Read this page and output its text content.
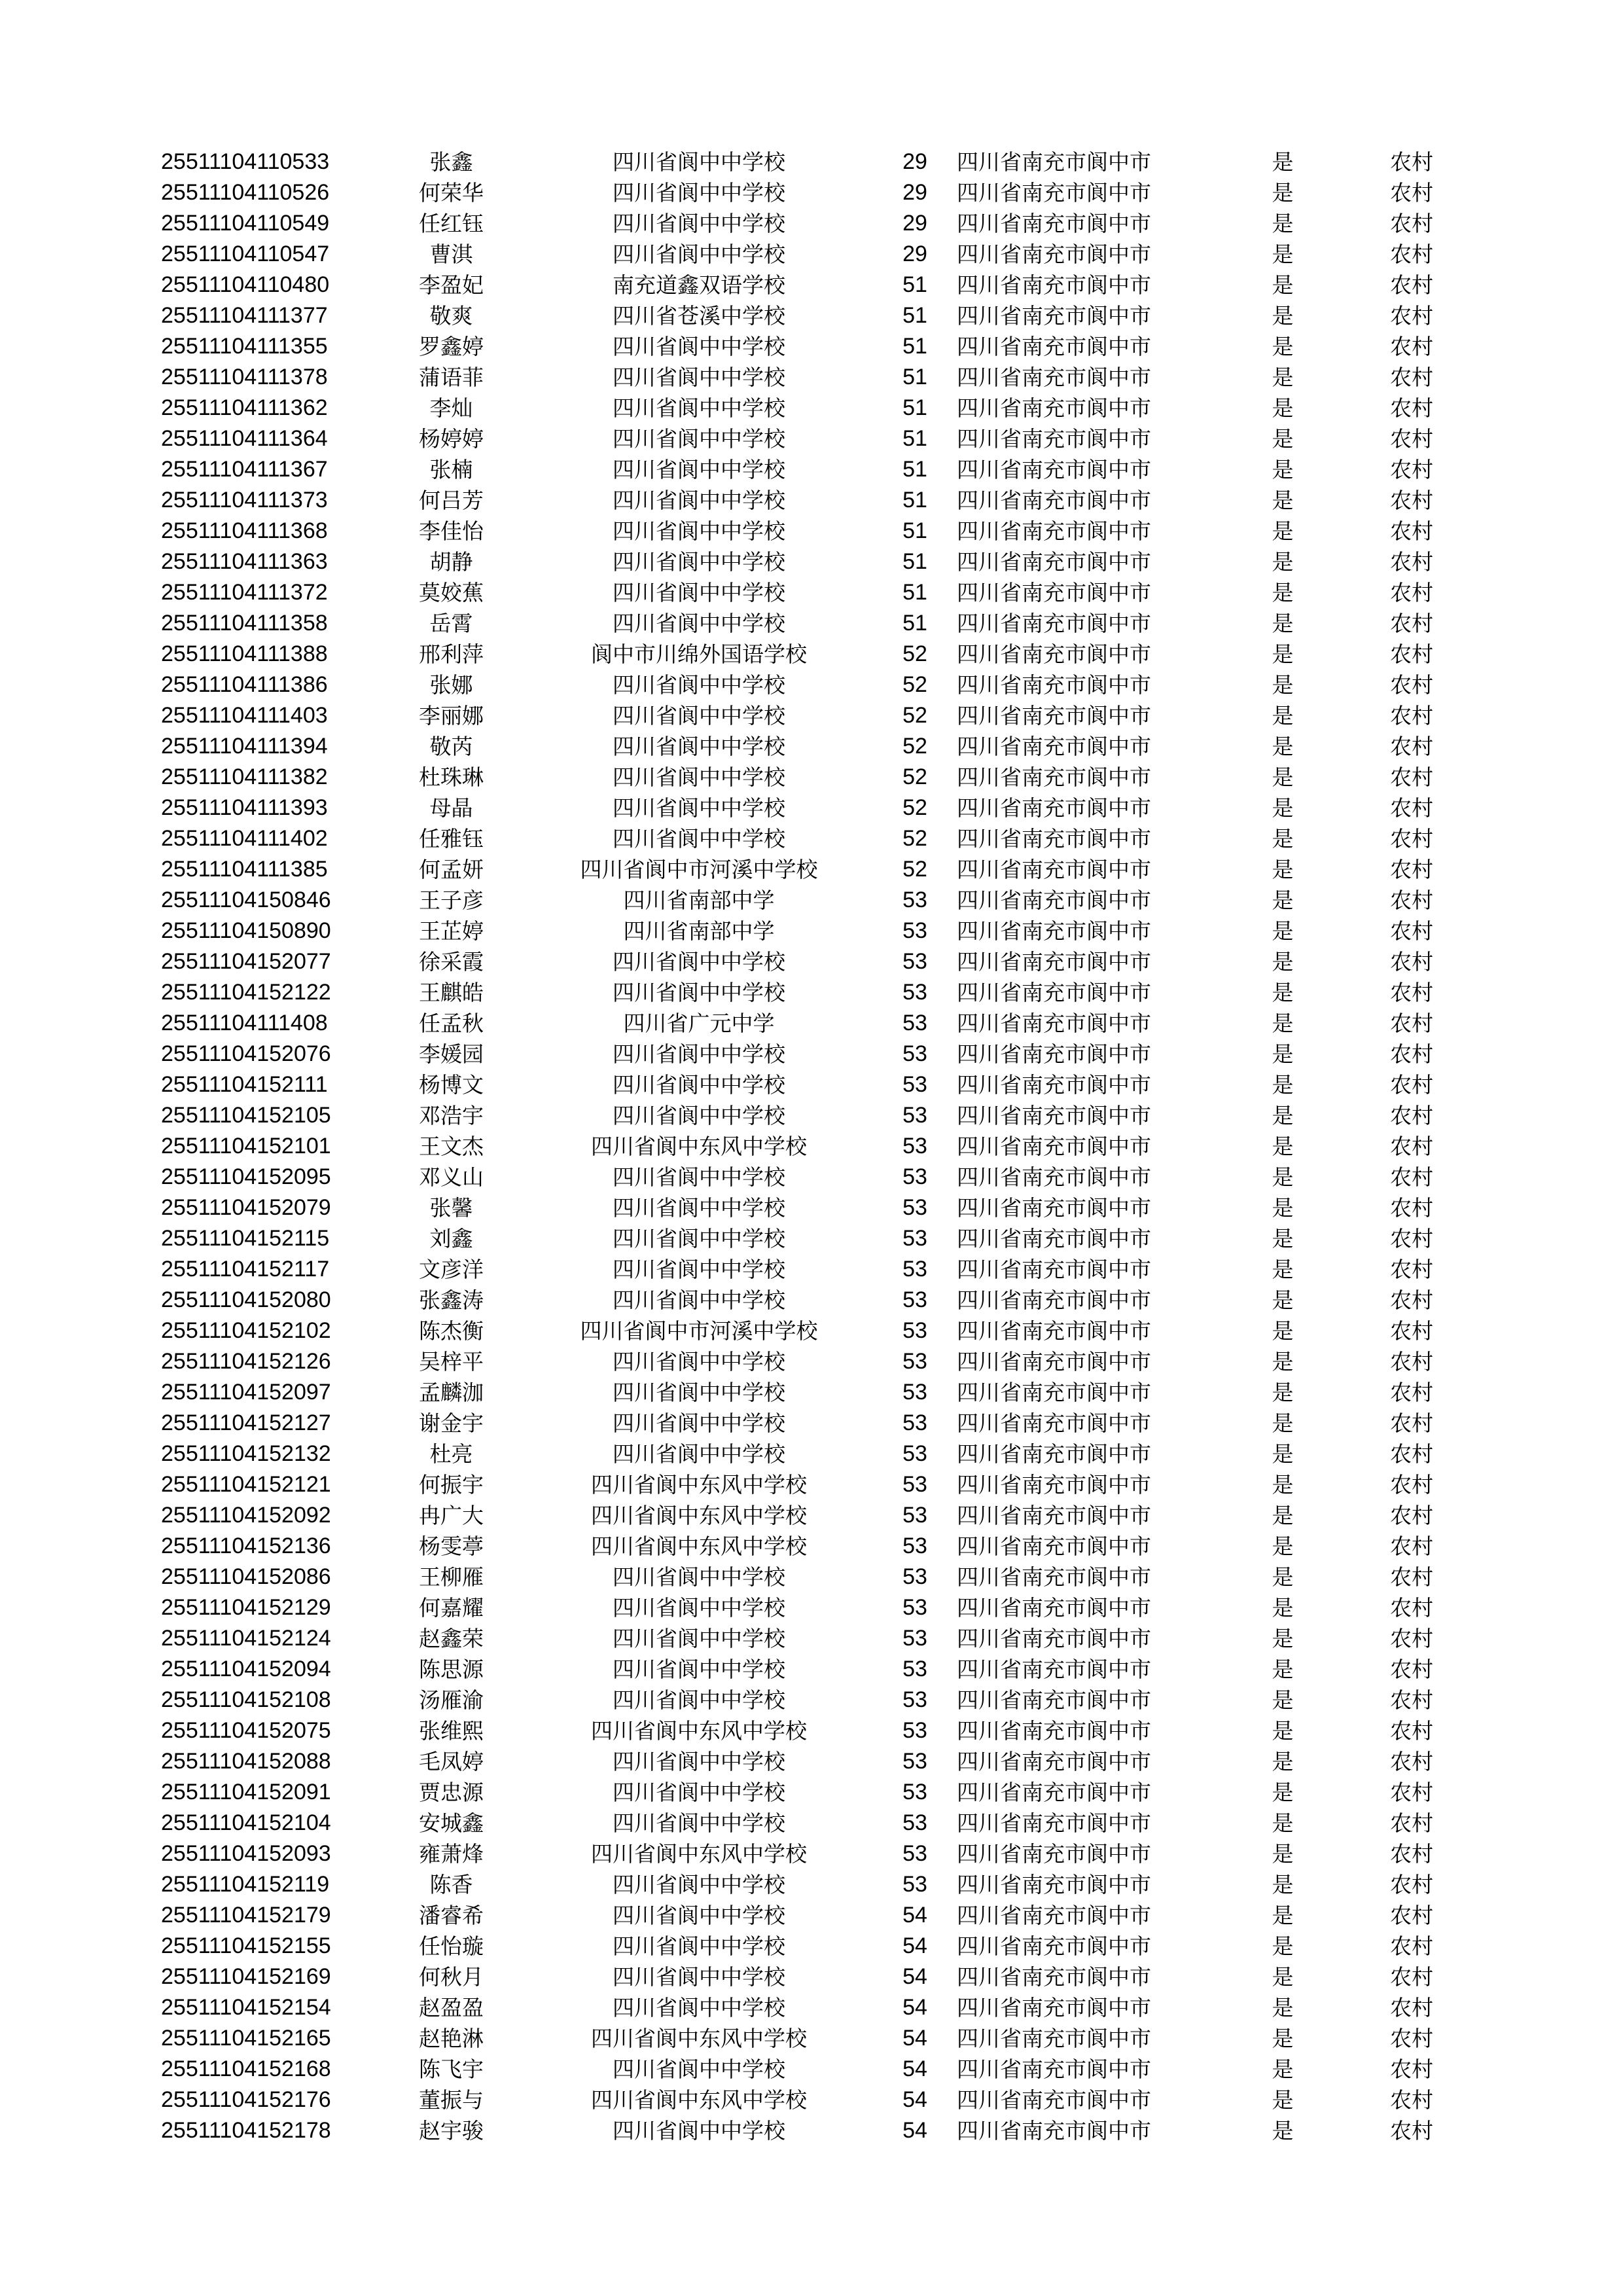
25511104110533	张鑫	四川省阆中中学校	29	四川省南充市阆中市	是	农村
25511104110526	何荣华	四川省阆中中学校	29	四川省南充市阆中市	是	农村
25511104110549	任红钰	四川省阆中中学校	29	四川省南充市阆中市	是	农村
25511104110547	曹淇	四川省阆中中学校	29	四川省南充市阆中市	是	农村
25511104110480	李盈妃	南充道鑫双语学校	51	四川省南充市阆中市	是	农村
25511104111377	敬爽	四川省苍溪中学校	51	四川省南充市阆中市	是	农村
25511104111355	罗鑫婷	四川省阆中中学校	51	四川省南充市阆中市	是	农村
25511104111378	蒲语菲	四川省阆中中学校	51	四川省南充市阆中市	是	农村
25511104111362	李灿	四川省阆中中学校	51	四川省南充市阆中市	是	农村
25511104111364	杨婷婷	四川省阆中中学校	51	四川省南充市阆中市	是	农村
25511104111367	张楠	四川省阆中中学校	51	四川省南充市阆中市	是	农村
25511104111373	何吕芳	四川省阆中中学校	51	四川省南充市阆中市	是	农村
25511104111368	李佳怡	四川省阆中中学校	51	四川省南充市阆中市	是	农村
25511104111363	胡静	四川省阆中中学校	51	四川省南充市阆中市	是	农村
25511104111372	莫姣蕉	四川省阆中中学校	51	四川省南充市阆中市	是	农村
25511104111358	岳霄	四川省阆中中学校	51	四川省南充市阆中市	是	农村
25511104111388	邢利萍	阆中市川绵外国语学校	52	四川省南充市阆中市	是	农村
25511104111386	张娜	四川省阆中中学校	52	四川省南充市阆中市	是	农村
25511104111403	李丽娜	四川省阆中中学校	52	四川省南充市阆中市	是	农村
25511104111394	敬芮	四川省阆中中学校	52	四川省南充市阆中市	是	农村
25511104111382	杜珠琳	四川省阆中中学校	52	四川省南充市阆中市	是	农村
25511104111393	母晶	四川省阆中中学校	52	四川省南充市阆中市	是	农村
25511104111402	任雅钰	四川省阆中中学校	52	四川省南充市阆中市	是	农村
25511104111385	何孟妍	四川省阆中市河溪中学校	52	四川省南充市阆中市	是	农村
25511104150846	王子彦	四川省南部中学	53	四川省南充市阆中市	是	农村
25511104150890	王芷婷	四川省南部中学	53	四川省南充市阆中市	是	农村
25511104152077	徐采霞	四川省阆中中学校	53	四川省南充市阆中市	是	农村
25511104152122	王麒皓	四川省阆中中学校	53	四川省南充市阆中市	是	农村
25511104111408	任孟秋	四川省广元中学	53	四川省南充市阆中市	是	农村
25511104152076	李媛园	四川省阆中中学校	53	四川省南充市阆中市	是	农村
25511104152111	杨博文	四川省阆中中学校	53	四川省南充市阆中市	是	农村
25511104152105	邓浩宇	四川省阆中中学校	53	四川省南充市阆中市	是	农村
25511104152101	王文杰	四川省阆中东风中学校	53	四川省南充市阆中市	是	农村
25511104152095	邓义山	四川省阆中中学校	53	四川省南充市阆中市	是	农村
25511104152079	张馨	四川省阆中中学校	53	四川省南充市阆中市	是	农村
25511104152115	刘鑫	四川省阆中中学校	53	四川省南充市阆中市	是	农村
25511104152117	文彦洋	四川省阆中中学校	53	四川省南充市阆中市	是	农村
25511104152080	张鑫涛	四川省阆中中学校	53	四川省南充市阆中市	是	农村
25511104152102	陈杰衡	四川省阆中市河溪中学校	53	四川省南充市阆中市	是	农村
25511104152126	吴梓平	四川省阆中中学校	53	四川省南充市阆中市	是	农村
25511104152097	孟麟泇	四川省阆中中学校	53	四川省南充市阆中市	是	农村
25511104152127	谢金宇	四川省阆中中学校	53	四川省南充市阆中市	是	农村
25511104152132	杜亮	四川省阆中中学校	53	四川省南充市阆中市	是	农村
25511104152121	何振宇	四川省阆中东风中学校	53	四川省南充市阆中市	是	农村
25511104152092	冉广大	四川省阆中东风中学校	53	四川省南充市阆中市	是	农村
25511104152136	杨雯葶	四川省阆中东风中学校	53	四川省南充市阆中市	是	农村
25511104152086	王柳雁	四川省阆中中学校	53	四川省南充市阆中市	是	农村
25511104152129	何嘉耀	四川省阆中中学校	53	四川省南充市阆中市	是	农村
25511104152124	赵鑫荣	四川省阆中中学校	53	四川省南充市阆中市	是	农村
25511104152094	陈思源	四川省阆中中学校	53	四川省南充市阆中市	是	农村
25511104152108	汤雁渝	四川省阆中中学校	53	四川省南充市阆中市	是	农村
25511104152075	张维熙	四川省阆中东风中学校	53	四川省南充市阆中市	是	农村
25511104152088	毛凤婷	四川省阆中中学校	53	四川省南充市阆中市	是	农村
25511104152091	贾忠源	四川省阆中中学校	53	四川省南充市阆中市	是	农村
25511104152104	安城鑫	四川省阆中中学校	53	四川省南充市阆中市	是	农村
25511104152093	雍萧烽	四川省阆中东风中学校	53	四川省南充市阆中市	是	农村
25511104152119	陈香	四川省阆中中学校	53	四川省南充市阆中市	是	农村
25511104152179	潘睿希	四川省阆中中学校	54	四川省南充市阆中市	是	农村
25511104152155	任怡璇	四川省阆中中学校	54	四川省南充市阆中市	是	农村
25511104152169	何秋月	四川省阆中中学校	54	四川省南充市阆中市	是	农村
25511104152154	赵盈盈	四川省阆中中学校	54	四川省南充市阆中市	是	农村
25511104152165	赵艳淋	四川省阆中东风中学校	54	四川省南充市阆中市	是	农村
25511104152168	陈飞宇	四川省阆中中学校	54	四川省南充市阆中市	是	农村
25511104152176	董振与	四川省阆中东风中学校	54	四川省南充市阆中市	是	农村
25511104152178	赵宇骏	四川省阆中中学校	54	四川省南充市阆中市	是	农村
